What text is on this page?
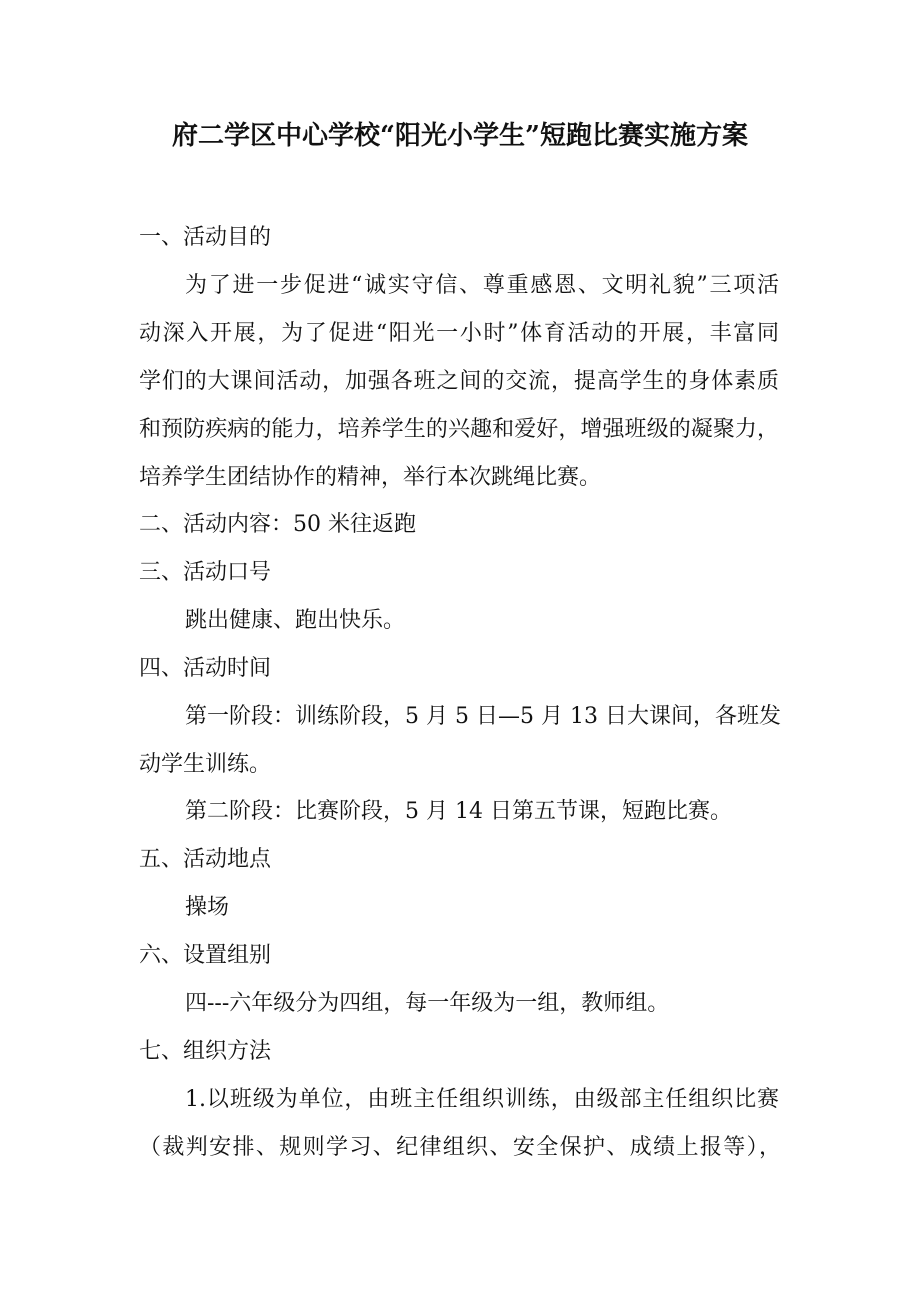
府二学区中心学校“阳光小学生”短跑比赛实施方案
一、活动目的
为了进一步促进“诚实守信、尊重感恩、文明礼貌”三项活
动深入开展，为了促进“阳光一小时”体育活动的开展，丰富同
学们的大课间活动，加强各班之间的交流，提高学生的身体素质
和预防疾病的能力，培养学生的兴趣和爱好，增强班级的凝聚力，
培养学生团结协作的精神，举行本次跳绳比赛。
二、活动内容：50 米往返跑
三、活动口号
跳出健康、跑出快乐。
四、活动时间
第一阶段：训练阶段，5 月 5 日—5 月 13 日大课间，各班发
动学生训练。
第二阶段：比赛阶段，5 月 14 日第五节课，短跑比赛。
五、活动地点
操场
六、设置组别
四---六年级分为四组，每一年级为一组，教师组。
七、组织方法
1.以班级为单位，由班主任组织训练，由级部主任组织比赛
（裁判安排、规则学习、纪律组织、安全保护、成绩上报等），
